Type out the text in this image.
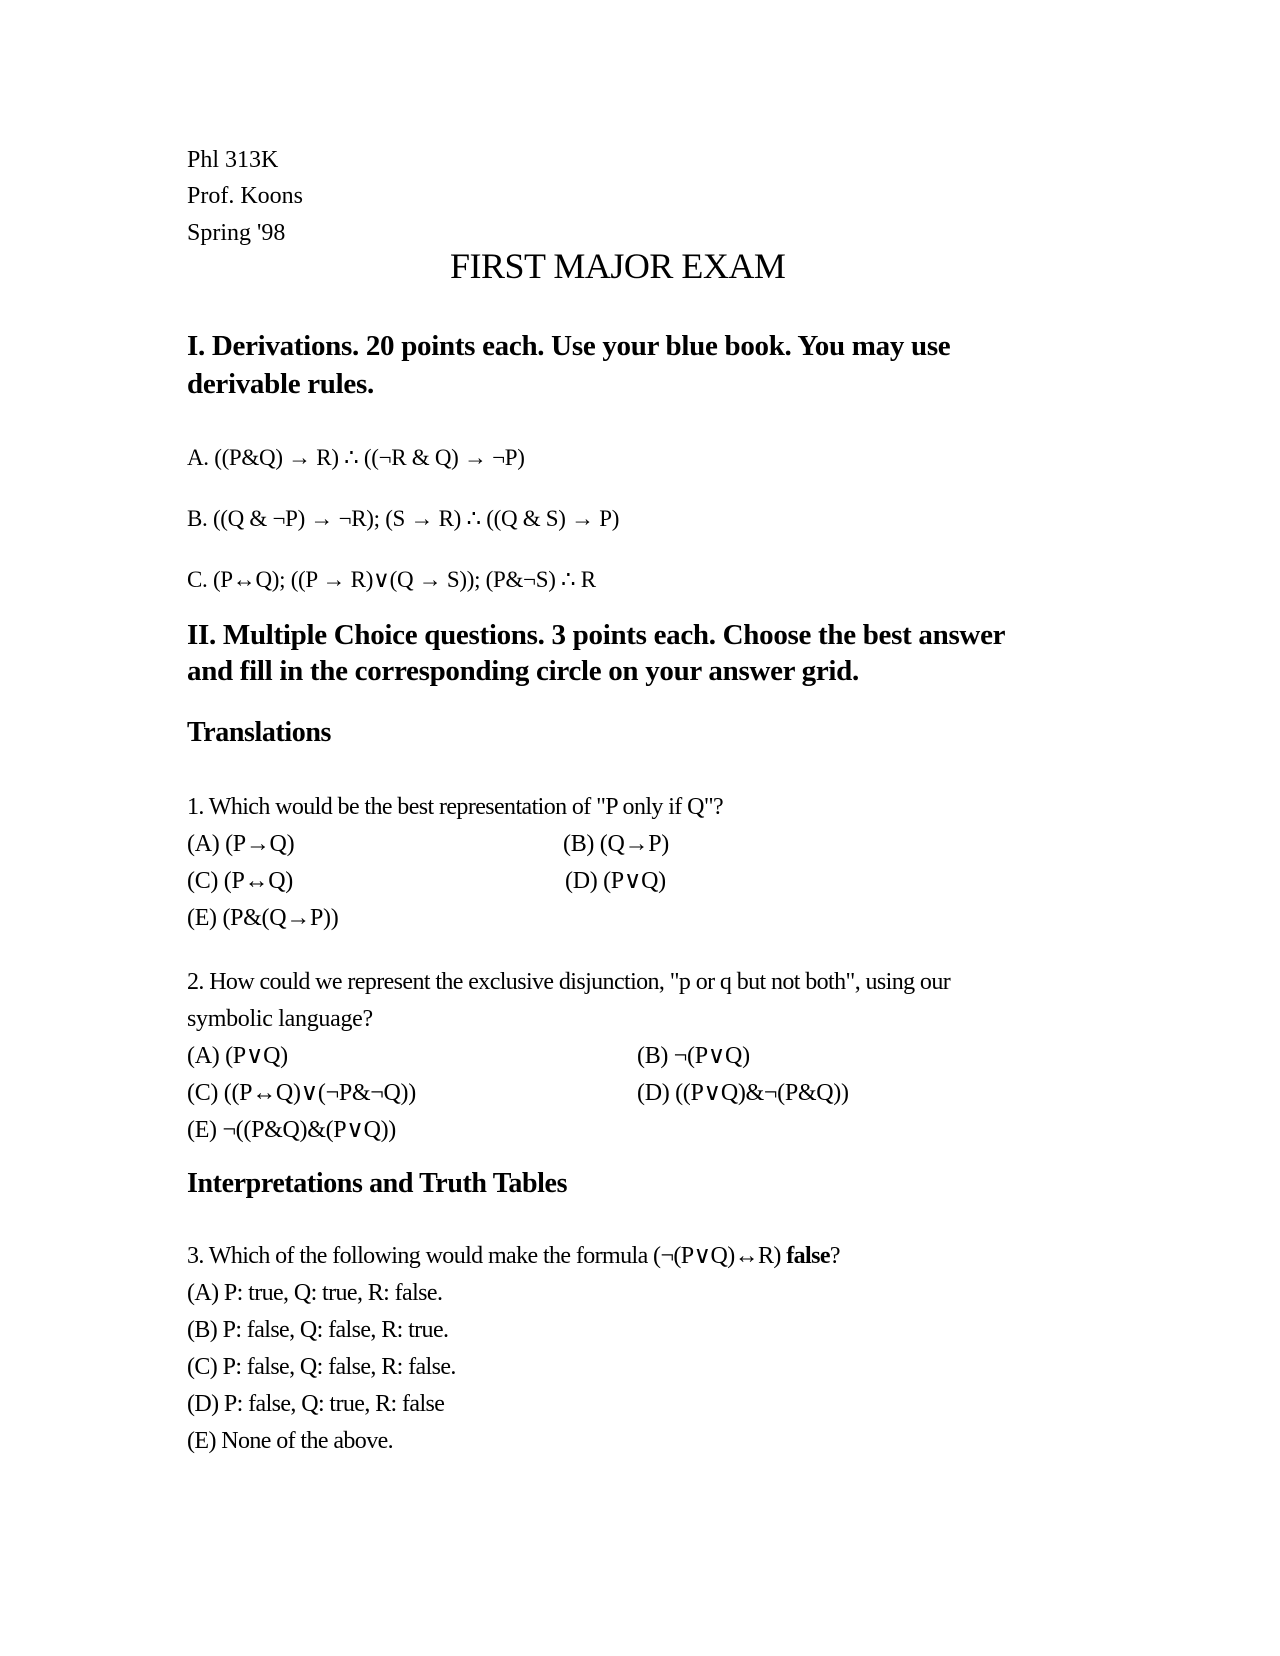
Phl 313K
Prof. Koons
Spring '98
FIRST MAJOR EXAM
I. Derivations. 20 points each. Use your blue book. You may use
derivable rules.
A. ((P&Q) → R) ∴ ((¬R & Q) → ¬P)
B. ((Q & ¬P) → ¬R); (S → R) ∴ ((Q & S) → P)
C. (P↔Q); ((P → R)∨(Q → S)); (P&¬S) ∴ R
II. Multiple Choice questions. 3 points each. Choose the best answer
and fill in the corresponding circle on your answer grid.
Translations
1. Which would be the best representation of "P only if Q"?
(A) (P→Q)	(B) (Q→P)
(C) (P↔Q)	(D) (P∨Q)
(E) (P&(Q→P))
2. How could we represent the exclusive disjunction, "p or q but not both", using our
symbolic language?
(A) (P∨Q)	(B) ¬(P∨Q)
(C) ((P↔Q)∨(¬P&¬Q))	(D) ((P∨Q)&¬(P&Q))
(E) ¬((P&Q)&(P∨Q))
Interpretations and Truth Tables
3. Which of the following would make the formula (¬(P∨Q)↔R) false?
(A) P: true, Q: true, R: false.
(B) P: false, Q: false, R: true.
(C) P: false, Q: false, R: false.
(D) P: false, Q: true, R: false
(E) None of the above.
